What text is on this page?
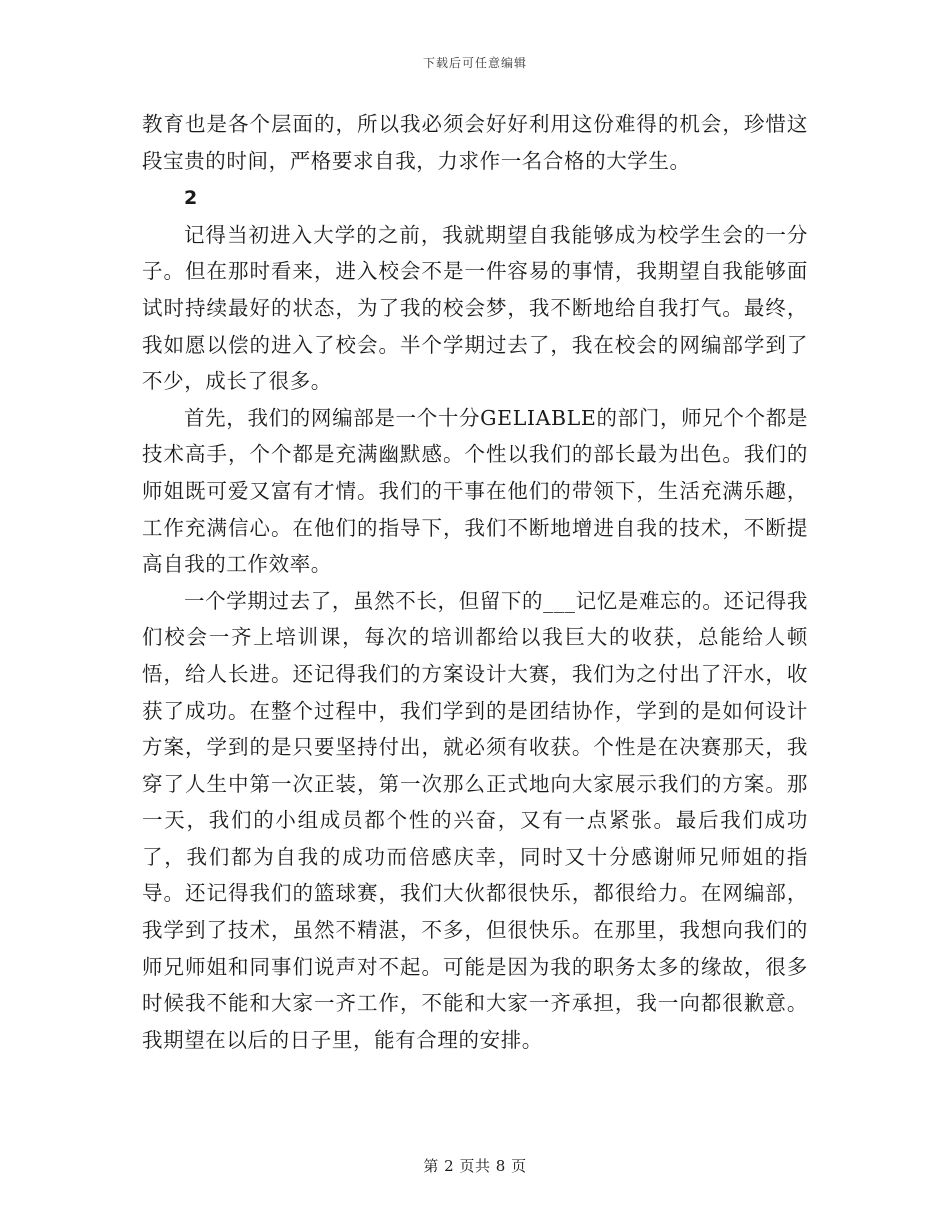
下载后可任意编辑

教育也是各个层面的，所以我必须会好好利用这份难得的机会，珍惜这段宝贵的时间，严格要求自我，力求作一名合格的大学生。

2

记得当初进入大学的之前，我就期望自我能够成为校学生会的一分子。但在那时看来，进入校会不是一件容易的事情，我期望自我能够面试时持续最好的状态，为了我的校会梦，我不断地给自我打气。最终，我如愿以偿的进入了校会。半个学期过去了，我在校会的网编部学到了不少，成长了很多。

首先，我们的网编部是一个十分GELIABLE的部门，师兄个个都是技术高手，个个都是充满幽默感。个性以我们的部长最为出色。我们的师姐既可爱又富有才情。我们的干事在他们的带领下，生活充满乐趣，工作充满信心。在他们的指导下，我们不断地增进自我的技术，不断提高自我的工作效率。

一个学期过去了，虽然不长，但留下的___记忆是难忘的。还记得我们校会一齐上培训课，每次的培训都给以我巨大的收获，总能给人顿悟，给人长进。还记得我们的方案设计大赛，我们为之付出了汗水，收获了成功。在整个过程中，我们学到的是团结协作，学到的是如何设计方案，学到的是只要坚持付出，就必须有收获。个性是在决赛那天，我穿了人生中第一次正装，第一次那么正式地向大家展示我们的方案。那一天，我们的小组成员都个性的兴奋，又有一点紧张。最后我们成功了，我们都为自我的成功而倍感庆幸，同时又十分感谢师兄师姐的指导。还记得我们的篮球赛，我们大伙都很快乐，都很给力。在网编部，我学到了技术，虽然不精湛，不多，但很快乐。在那里，我想向我们的师兄师姐和同事们说声对不起。可能是因为我的职务太多的缘故，很多时候我不能和大家一齐工作，不能和大家一齐承担，我一向都很歉意。我期望在以后的日子里，能有合理的安排。

第 2 页共 8 页
